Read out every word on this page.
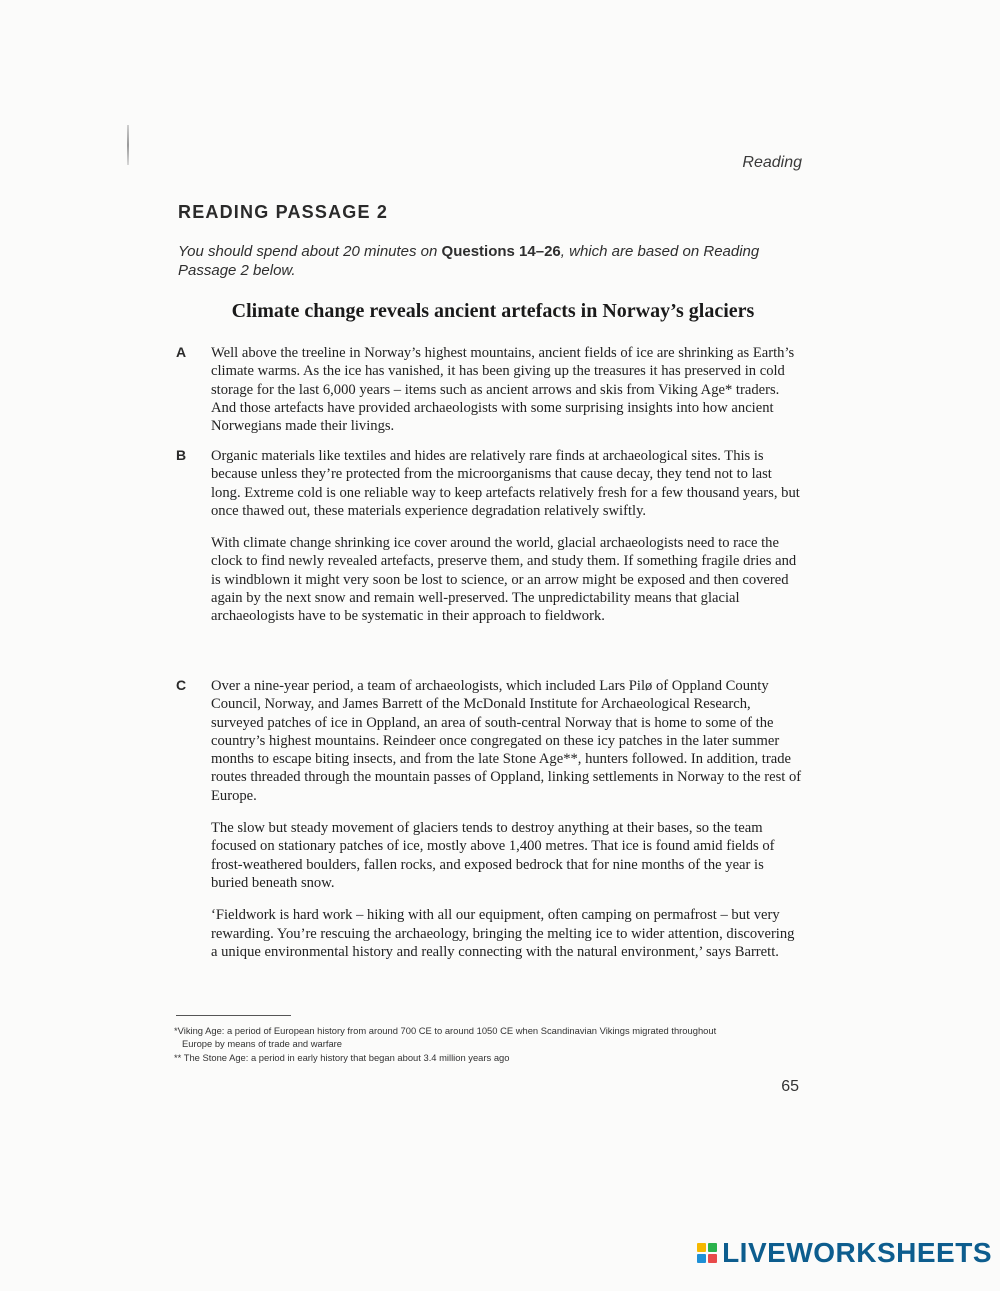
Reading
READING PASSAGE 2
You should spend about 20 minutes on Questions 14–26, which are based on Reading Passage 2 below.
Climate change reveals ancient artefacts in Norway’s glaciers
A Well above the treeline in Norway’s highest mountains, ancient fields of ice are shrinking as Earth’s climate warms. As the ice has vanished, it has been giving up the treasures it has preserved in cold storage for the last 6,000 years – items such as ancient arrows and skis from Viking Age* traders. And those artefacts have provided archaeologists with some surprising insights into how ancient Norwegians made their livings.

B Organic materials like textiles and hides are relatively rare finds at archaeological sites. This is because unless they’re protected from the microorganisms that cause decay, they tend not to last long. Extreme cold is one reliable way to keep artefacts relatively fresh for a few thousand years, but once thawed out, these materials experience degradation relatively swiftly.

With climate change shrinking ice cover around the world, glacial archaeologists need to race the clock to find newly revealed artefacts, preserve them, and study them. If something fragile dries and is windblown it might very soon be lost to science, or an arrow might be exposed and then covered again by the next snow and remain well-preserved. The unpredictability means that glacial archaeologists have to be systematic in their approach to fieldwork.

C Over a nine-year period, a team of archaeologists, which included Lars Pilø of Oppland County Council, Norway, and James Barrett of the McDonald Institute for Archaeological Research, surveyed patches of ice in Oppland, an area of south-central Norway that is home to some of the country’s highest mountains. Reindeer once congregated on these icy patches in the later summer months to escape biting insects, and from the late Stone Age**, hunters followed. In addition, trade routes threaded through the mountain passes of Oppland, linking settlements in Norway to the rest of Europe.

The slow but steady movement of glaciers tends to destroy anything at their bases, so the team focused on stationary patches of ice, mostly above 1,400 metres. That ice is found amid fields of frost-weathered boulders, fallen rocks, and exposed bedrock that for nine months of the year is buried beneath snow.

‘Fieldwork is hard work – hiking with all our equipment, often camping on permafrost – but very rewarding. You’re rescuing the archaeology, bringing the melting ice to wider attention, discovering a unique environmental history and really connecting with the natural environment,’ says Barrett.

*Viking Age: a period of European history from around 700 CE to around 1050 CE when Scandinavian Vikings migrated throughout
Europe by means of trade and warfare
** The Stone Age: a period in early history that began about 3.4 million years ago
65
LIVEWORKSHEETS
